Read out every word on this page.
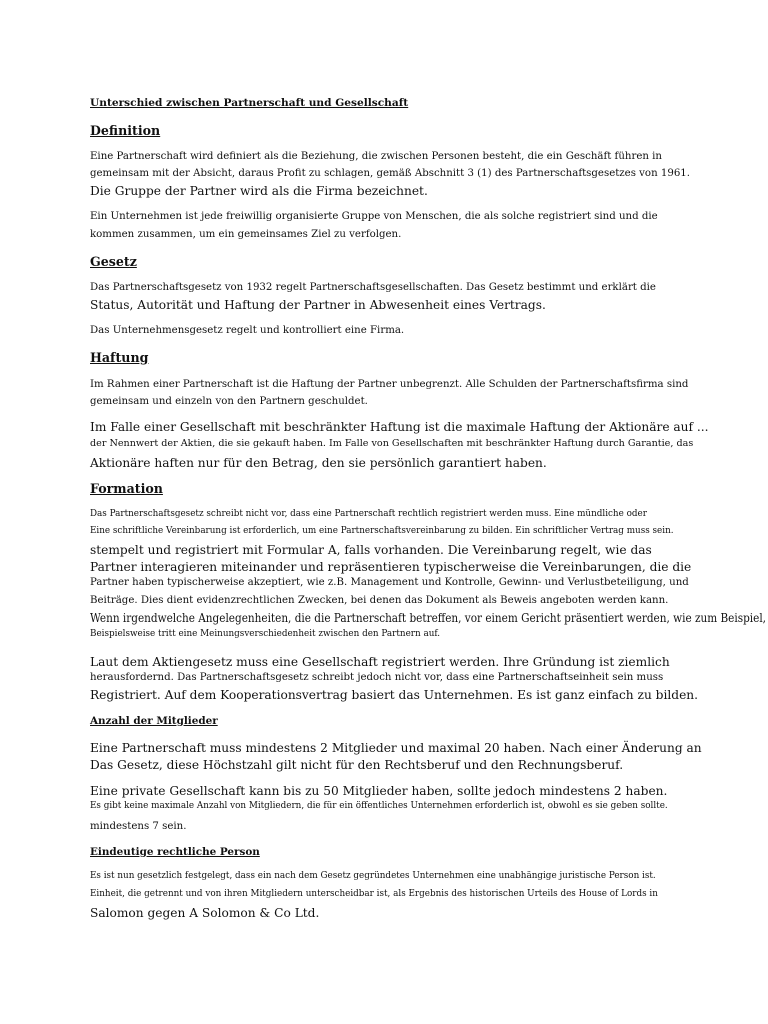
Unterschied zwischen Partnerschaft und Gesellschaft
Definition
Eine Partnerschaft wird definiert als die Beziehung, die zwischen Personen besteht, die ein Geschäft führen in
gemeinsam mit der Absicht, daraus Profit zu schlagen, gemäß Abschnitt 3 (1) des Partnerschaftsgesetzes von 1961.
Die Gruppe der Partner wird als die Firma bezeichnet.
Ein Unternehmen ist jede freiwillig organisierte Gruppe von Menschen, die als solche registriert sind und die
kommen zusammen, um ein gemeinsames Ziel zu verfolgen.
Gesetz
Das Partnerschaftsgesetz von 1932 regelt Partnerschaftsgesellschaften. Das Gesetz bestimmt und erklärt die
Status, Autorität und Haftung der Partner in Abwesenheit eines Vertrags.
Das Unternehmensgesetz regelt und kontrolliert eine Firma.
Haftung
Im Rahmen einer Partnerschaft ist die Haftung der Partner unbegrenzt. Alle Schulden der Partnerschaftsfirma sind
gemeinsam und einzeln von den Partnern geschuldet.
Im Falle einer Gesellschaft mit beschränkter Haftung ist die maximale Haftung der Aktionäre auf ...
der Nennwert der Aktien, die sie gekauft haben. Im Falle von Gesellschaften mit beschränkter Haftung durch Garantie, das
Aktionäre haften nur für den Betrag, den sie persönlich garantiert haben.
Formation
Das Partnerschaftsgesetz schreibt nicht vor, dass eine Partnerschaft rechtlich registriert werden muss. Eine mündliche oder
Eine schriftliche Vereinbarung ist erforderlich, um eine Partnerschaftsvereinbarung zu bilden. Ein schriftlicher Vertrag muss sein.
stempelt und registriert mit Formular A, falls vorhanden. Die Vereinbarung regelt, wie das
Partner interagieren miteinander und repräsentieren typischerweise die Vereinbarungen, die die
Partner haben typischerweise akzeptiert, wie z.B. Management und Kontrolle, Gewinn- und Verlustbeteiligung, und
Beiträge. Dies dient evidenzrechtlichen Zwecken, bei denen das Dokument als Beweis angeboten werden kann.
Wenn irgendwelche Angelegenheiten, die die Partnerschaft betreffen, vor einem Gericht präsentiert werden, wie zum Beispiel,
Beispielsweise tritt eine Meinungsverschiedenheit zwischen den Partnern auf.
Laut dem Aktiengesetz muss eine Gesellschaft registriert werden. Ihre Gründung ist ziemlich
herausfordernd. Das Partnerschaftsgesetz schreibt jedoch nicht vor, dass eine Partnerschaftseinheit sein muss
Registriert. Auf dem Kooperationsvertrag basiert das Unternehmen. Es ist ganz einfach zu bilden.
Anzahl der Mitglieder
Eine Partnerschaft muss mindestens 2 Mitglieder und maximal 20 haben. Nach einer Änderung an
Das Gesetz, diese Höchstzahl gilt nicht für den Rechtsberuf und den Rechnungsberuf.
Eine private Gesellschaft kann bis zu 50 Mitglieder haben, sollte jedoch mindestens 2 haben.
Es gibt keine maximale Anzahl von Mitgliedern, die für ein öffentliches Unternehmen erforderlich ist, obwohl es sie geben sollte.
mindestens 7 sein.
Eindeutige rechtliche Person
Es ist nun gesetzlich festgelegt, dass ein nach dem Gesetz gegründetes Unternehmen eine unabhängige juristische Person ist.
Einheit, die getrennt und von ihren Mitgliedern unterscheidbar ist, als Ergebnis des historischen Urteils des House of Lords in
Salomon gegen A Solomon & Co Ltd.
